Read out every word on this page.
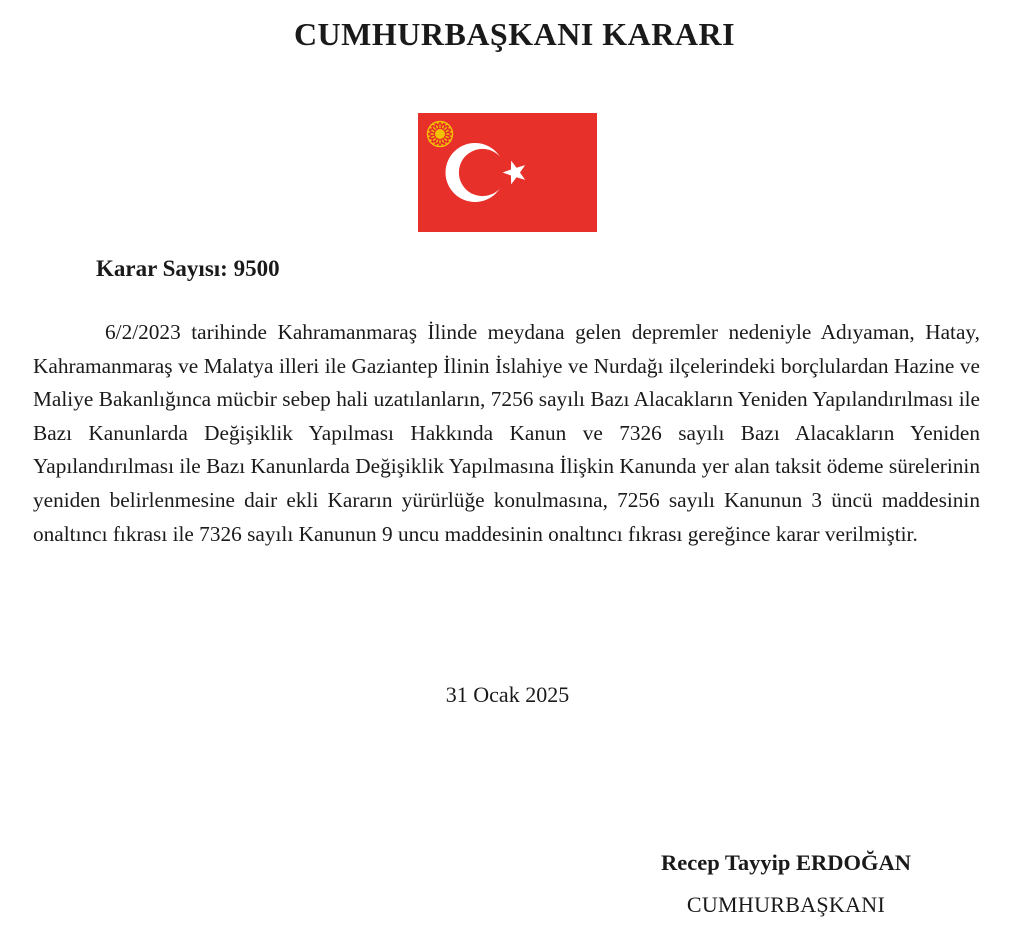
CUMHURBAŞKANI KARARI
Karar Sayısı: 9500

6/2/2023 tarihinde Kahramanmaraş İlinde meydana gelen depremler nedeniyle Adıyaman, Hatay, Kahramanmaraş ve Malatya illeri ile Gaziantep İlinin İslahiye ve Nurdağı ilçelerindeki borçlulardan Hazine ve Maliye Bakanlığınca mücbir sebep hali uzatılanların, 7256 sayılı Bazı Alacakların Yeniden Yapılandırılması ile Bazı Kanunlarda Değişiklik Yapılması Hakkında Kanun ve 7326 sayılı Bazı Alacakların Yeniden Yapılandırılması ile Bazı Kanunlarda Değişiklik Yapılmasına İlişkin Kanunda yer alan taksit ödeme sürelerinin yeniden belirlenmesine dair ekli Kararın yürürlüğe konulmasına, 7256 sayılı Kanunun 3 üncü maddesinin onaltıncı fıkrası ile 7326 sayılı Kanunun 9 uncu maddesinin onaltıncı fıkrası gereğince karar verilmiştir.

31 Ocak 2025
Recep Tayyip ERDOĞAN
CUMHURBAŞKANI
